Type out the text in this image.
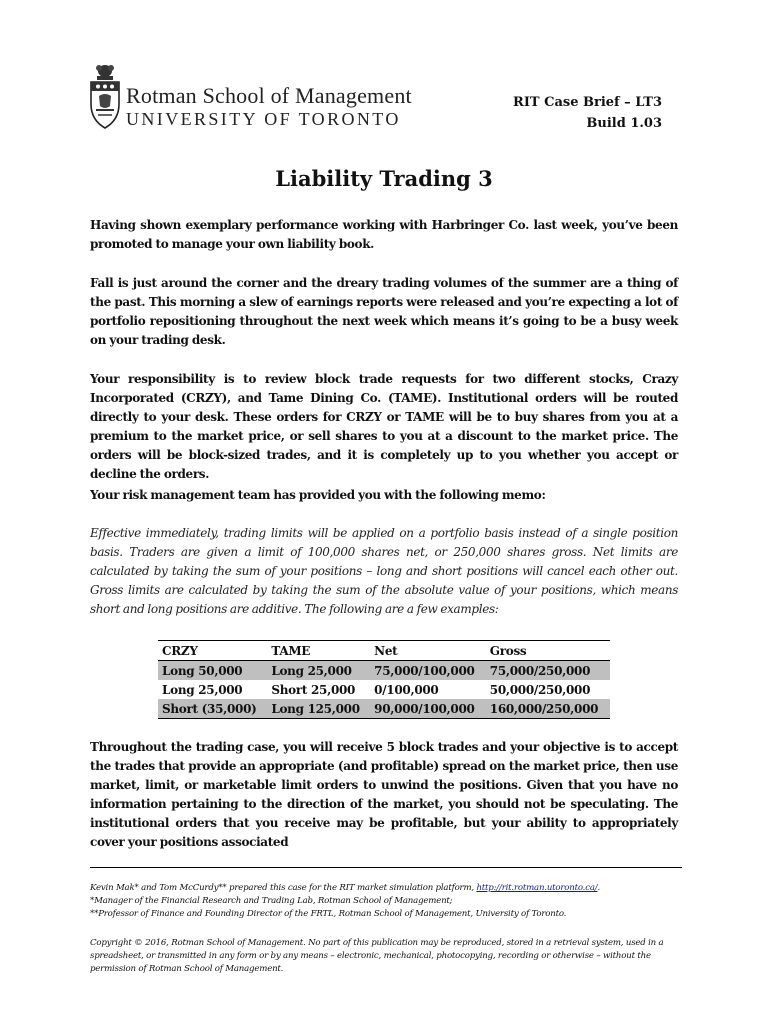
Rotman School of Management
UNIVERSITY OF TORONTO
RIT Case Brief – LT3
Build 1.03
Liability Trading 3
Having shown exemplary performance working with Harbringer Co. last week, you’ve been promoted to manage your own liability book.
Fall is just around the corner and the dreary trading volumes of the summer are a thing of the past. This morning a slew of earnings reports were released and you’re expecting a lot of portfolio repositioning throughout the next week which means it’s going to be a busy week on your trading desk.
Your responsibility is to review block trade requests for two different stocks, Crazy Incorporated (CRZY), and Tame Dining Co. (TAME). Institutional orders will be routed directly to your desk. These orders for CRZY or TAME will be to buy shares from you at a premium to the market price, or sell shares to you at a discount to the market price. The orders will be block-sized trades, and it is completely up to you whether you accept or decline the orders.
Your risk management team has provided you with the following memo:
Effective immediately, trading limits will be applied on a portfolio basis instead of a single position basis. Traders are given a limit of 100,000 shares net, or 250,000 shares gross. Net limits are calculated by taking the sum of your positions – long and short positions will cancel each other out. Gross limits are calculated by taking the sum of the absolute value of your positions, which means short and long positions are additive. The following are a few examples:
CRZY	TAME	Net	Gross
Long 50,000	Long 25,000	75,000/100,000	75,000/250,000
Long 25,000	Short 25,000	0/100,000	50,000/250,000
Short (35,000)	Long 125,000	90,000/100,000	160,000/250,000
Throughout the trading case, you will receive 5 block trades and your objective is to accept the trades that provide an appropriate (and profitable) spread on the market price, then use market, limit, or marketable limit orders to unwind the positions. Given that you have no information pertaining to the direction of the market, you should not be speculating. The institutional orders that you receive may be profitable, but your ability to appropriately cover your positions associated
Kevin Mak* and Tom McCurdy** prepared this case for the RIT market simulation platform, http://rit.rotman.utoronto.ca/.
*Manager of the Financial Research and Trading Lab, Rotman School of Management;
**Professor of Finance and Founding Director of the FRTL, Rotman School of Management, University of Toronto.
Copyright © 2016, Rotman School of Management. No part of this publication may be reproduced, stored in a retrieval system, used in a spreadsheet, or transmitted in any form or by any means – electronic, mechanical, photocopying, recording or otherwise – without the permission of Rotman School of Management.
